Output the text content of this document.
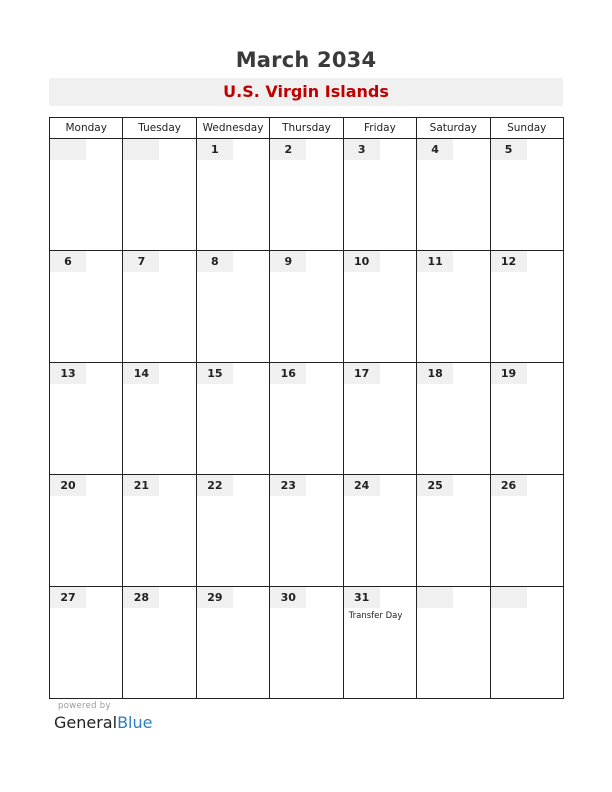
March 2034
U.S. Virgin Islands
Monday	Tuesday	Wednesday	Thursday	Friday	Saturday	Sunday

		1	2	3	4	5

6	7	8	9	10	11	12

13	14	15	16	17	18	19

20	21	22	23	24	25	26

27	28	29	30	31
Transfer Day		

powered by
GeneralBlue
